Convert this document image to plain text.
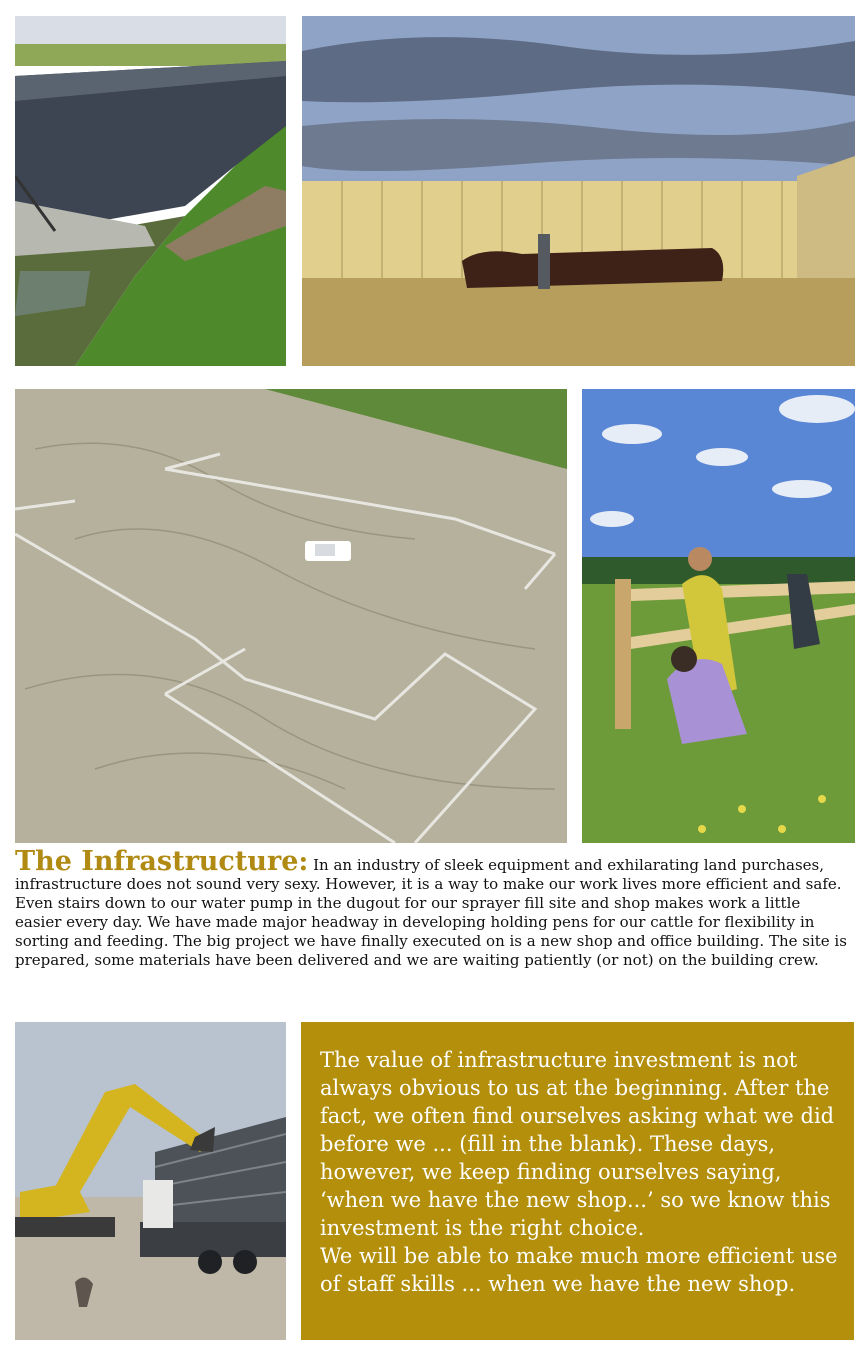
The Infrastructure: In an industry of sleek equipment and exhilarating land purchases, infrastructure does not sound very sexy. However, it is a way to make our work lives more efficient and safe. Even stairs down to our water pump in the dugout for our sprayer fill site and shop makes work a little easier every day. We have made major headway in developing holding pens for our cattle for flexibility in sorting and feeding. The big project we have finally executed on is a new shop and office building. The site is prepared, some materials have been delivered and we are waiting patiently (or not) on the building crew.

The value of infrastructure investment is not always obvious to us at the beginning. After the fact, we often find ourselves asking what we did before we ... (fill in the blank). These days, however, we keep finding ourselves saying, ‘when we have the new shop...’ so we know this investment is the right choice.

We will be able to make much more efficient use of staff skills ... when we have the new shop.
